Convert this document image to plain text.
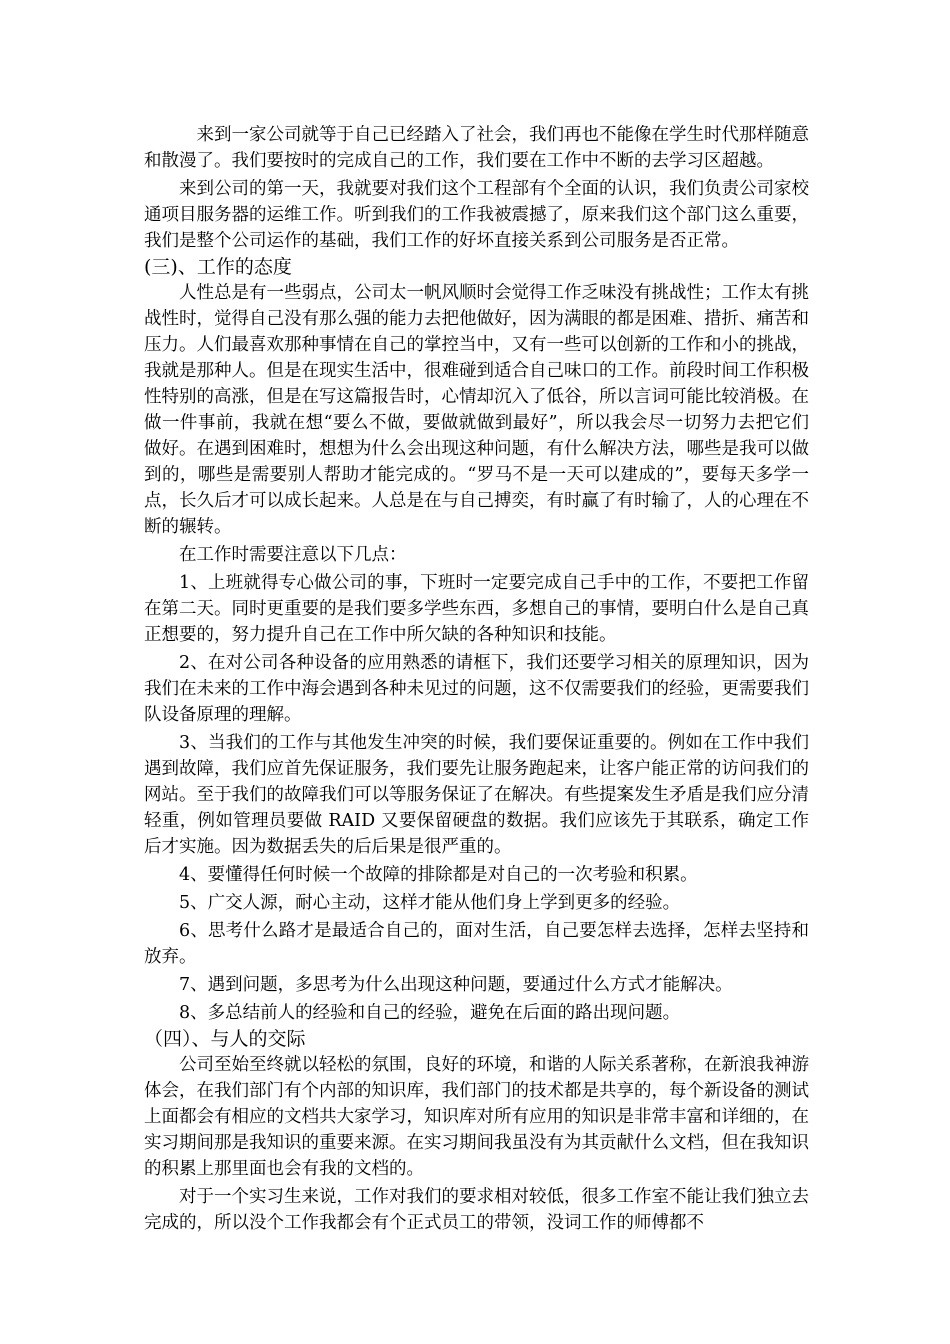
来到一家公司就等于自己已经踏入了社会，我们再也不能像在学生时代那样随意和散漫了。我们要按时的完成自己的工作，我们要在工作中不断的去学习区超越。

来到公司的第一天，我就要对我们这个工程部有个全面的认识，我们负责公司家校通项目服务器的运维工作。听到我们的工作我被震撼了，原来我们这个部门这么重要，我们是整个公司运作的基础，我们工作的好坏直接关系到公司服务是否正常。

(三)、工作的态度

人性总是有一些弱点，公司太一帆风顺时会觉得工作乏味没有挑战性；工作太有挑战性时，觉得自己没有那么强的能力去把他做好，因为满眼的都是困难、措折、痛苦和压力。人们最喜欢那种事情在自己的掌控当中，又有一些可以创新的工作和小的挑战，我就是那种人。但是在现实生活中，很难碰到适合自己味口的工作。前段时间工作积极性特别的高涨，但是在写这篇报告时，心情却沉入了低谷，所以言词可能比较消极。在做一件事前，我就在想“要么不做，要做就做到最好”，所以我会尽一切努力去把它们做好。在遇到困难时，想想为什么会出现这种问题，有什么解决方法，哪些是我可以做到的，哪些是需要别人帮助才能完成的。“罗马不是一天可以建成的”，要每天多学一点，长久后才可以成长起来。人总是在与自己搏奕，有时赢了有时输了，人的心理在不断的辗转。

在工作时需要注意以下几点：

1、上班就得专心做公司的事，下班时一定要完成自己手中的工作，不要把工作留在第二天。同时更重要的是我们要多学些东西，多想自己的事情，要明白什么是自己真正想要的，努力提升自己在工作中所欠缺的各种知识和技能。

2、在对公司各种设备的应用熟悉的请框下，我们还要学习相关的原理知识，因为我们在未来的工作中海会遇到各种未见过的问题，这不仅需要我们的经验，更需要我们队设备原理的理解。

3、当我们的工作与其他发生冲突的时候，我们要保证重要的。例如在工作中我们遇到故障，我们应首先保证服务，我们要先让服务跑起来，让客户能正常的访问我们的网站。至于我们的故障我们可以等服务保证了在解决。有些提案发生矛盾是我们应分清轻重，例如管理员要做 RAID 又要保留硬盘的数据。我们应该先于其联系，确定工作后才实施。因为数据丢失的后后果是很严重的。

4、要懂得任何时候一个故障的排除都是对自己的一次考验和积累。

5、广交人源，耐心主动，这样才能从他们身上学到更多的经验。

6、思考什么路才是最适合自己的，面对生活，自己要怎样去选择，怎样去坚持和放弃。

7、遇到问题，多思考为什么出现这种问题，要通过什么方式才能解决。

8、多总结前人的经验和自己的经验，避免在后面的路出现问题。

（四）、与人的交际

公司至始至终就以轻松的氛围，良好的环境，和谐的人际关系著称，在新浪我神游体会，在我们部门有个内部的知识库，我们部门的技术都是共享的，每个新设备的测试上面都会有相应的文档共大家学习，知识库对所有应用的知识是非常丰富和详细的，在实习期间那是我知识的重要来源。在实习期间我虽没有为其贡献什么文档，但在我知识的积累上那里面也会有我的文档的。

对于一个实习生来说，工作对我们的要求相对较低，很多工作室不能让我们独立去完成的，所以没个工作我都会有个正式员工的带领，没词工作的师傅都不
